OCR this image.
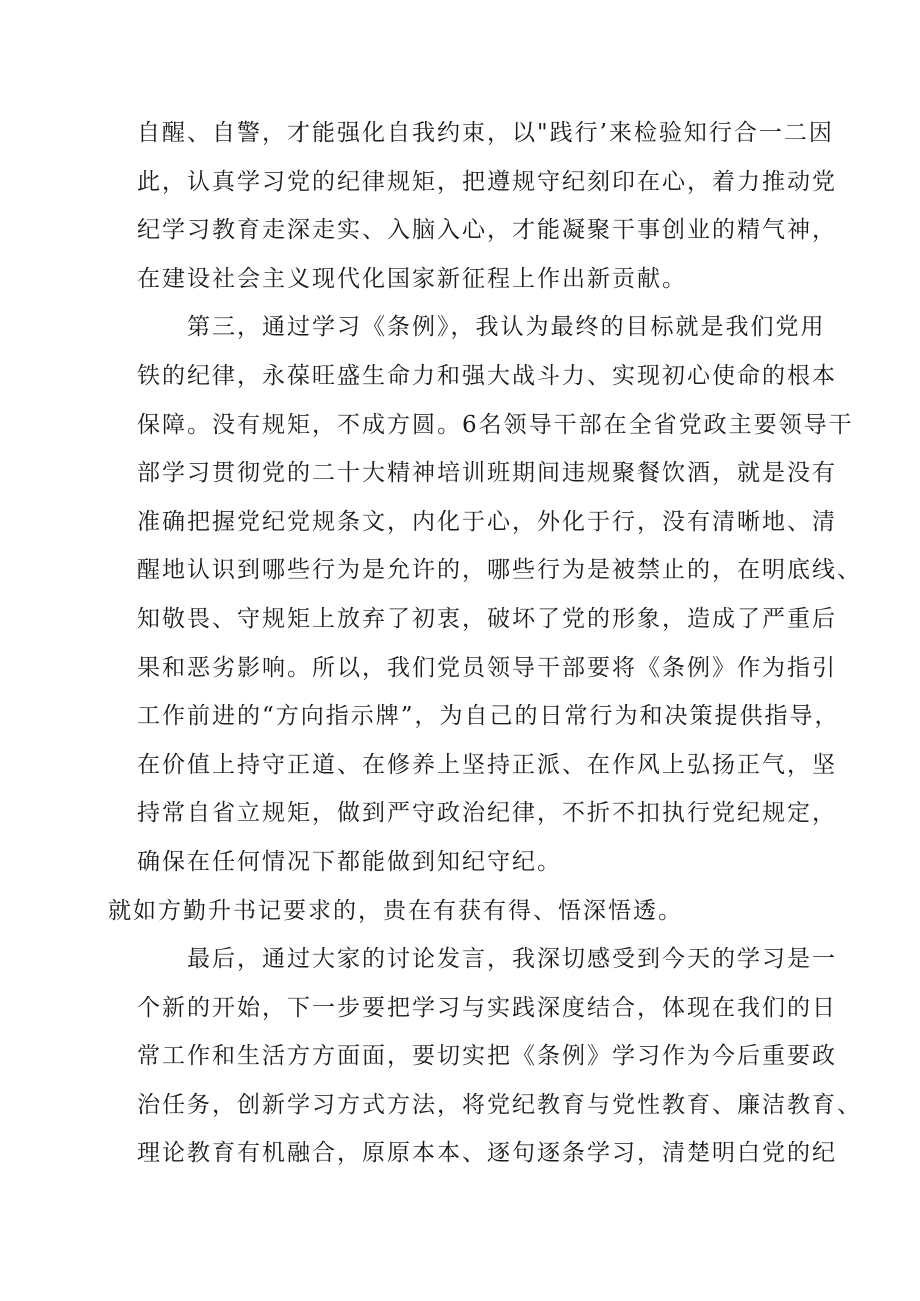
自醒、自警，才能强化自我约束，以"践行’来检验知行合一二因
此，认真学习党的纪律规矩，把遵规守纪刻印在心，着力推动党
纪学习教育走深走实、入脑入心，才能凝聚干事创业的精气神，
在建设社会主义现代化国家新征程上作出新贡献。
第三，通过学习《条例》，我认为最终的目标就是我们党用
铁的纪律，永葆旺盛生命力和强大战斗力、实现初心使命的根本
保障。没有规矩，不成方圆。6名领导干部在全省党政主要领导干
部学习贯彻党的二十大精神培训班期间违规聚餐饮酒，就是没有
准确把握党纪党规条文，内化于心，外化于行，没有清晰地、清
醒地认识到哪些行为是允许的，哪些行为是被禁止的，在明底线、
知敬畏、守规矩上放弃了初衷，破坏了党的形象，造成了严重后
果和恶劣影响。所以，我们党员领导干部要将《条例》作为指引
工作前进的“方向指示牌”，为自己的日常行为和决策提供指导，
在价值上持守正道、在修养上坚持正派、在作风上弘扬正气，坚
持常自省立规矩，做到严守政治纪律，不折不扣执行党纪规定，
确保在任何情况下都能做到知纪守纪。
就如方勤升书记要求的，贵在有获有得、悟深悟透。
最后，通过大家的讨论发言，我深切感受到今天的学习是一
个新的开始，下一步要把学习与实践深度结合，体现在我们的日
常工作和生活方方面面，要切实把《条例》学习作为今后重要政
治任务，创新学习方式方法，将党纪教育与党性教育、廉洁教育、
理论教育有机融合，原原本本、逐句逐条学习，清楚明白党的纪
